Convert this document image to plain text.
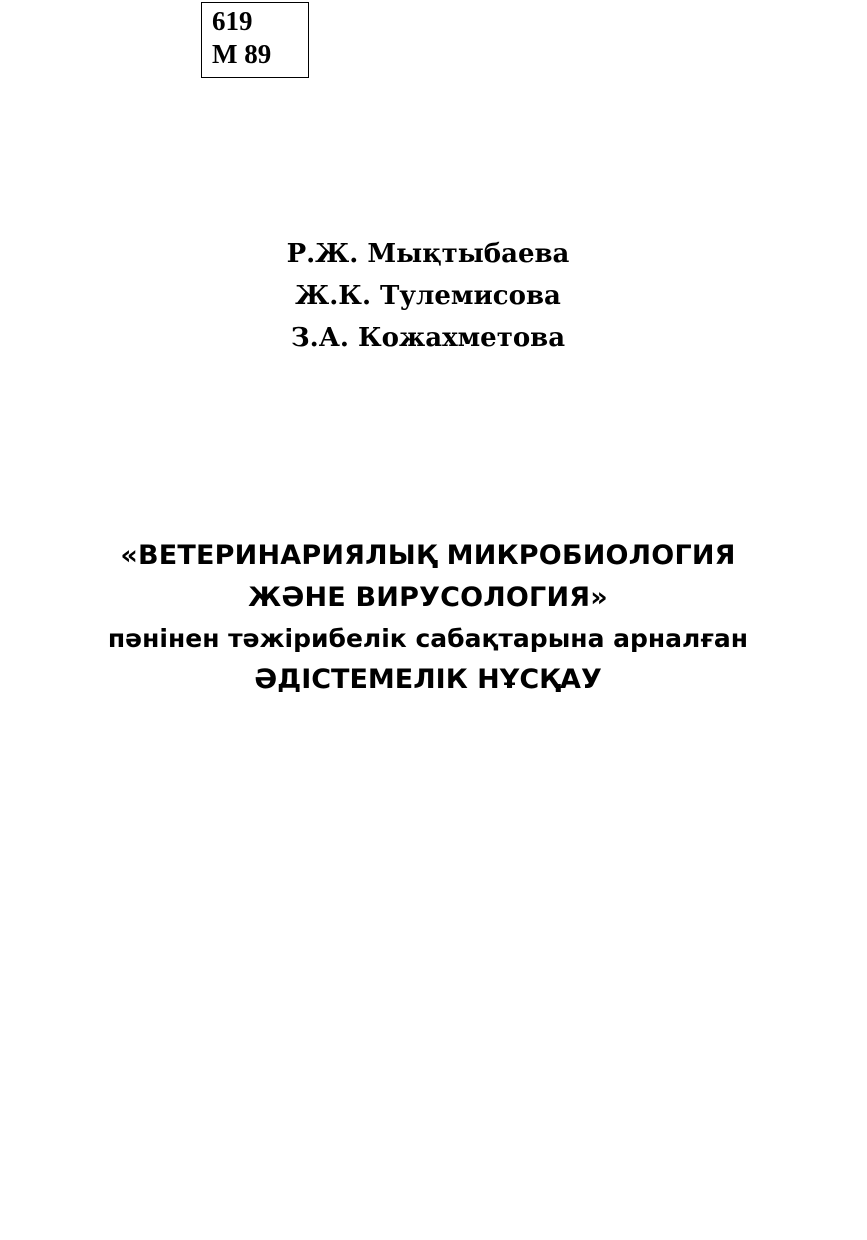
619
М 89
Р.Ж. Мықтыбаева
Ж.К. Тулемисова
З.А. Кожахметова
«ВЕТЕРИНАРИЯЛЫҚ МИКРОБИОЛОГИЯ
ЖӘНЕ ВИРУСОЛОГИЯ»
пәнінен тәжірибелік сабақтарына арналған
ӘДІСТЕМЕЛІК НҰСҚАУ
